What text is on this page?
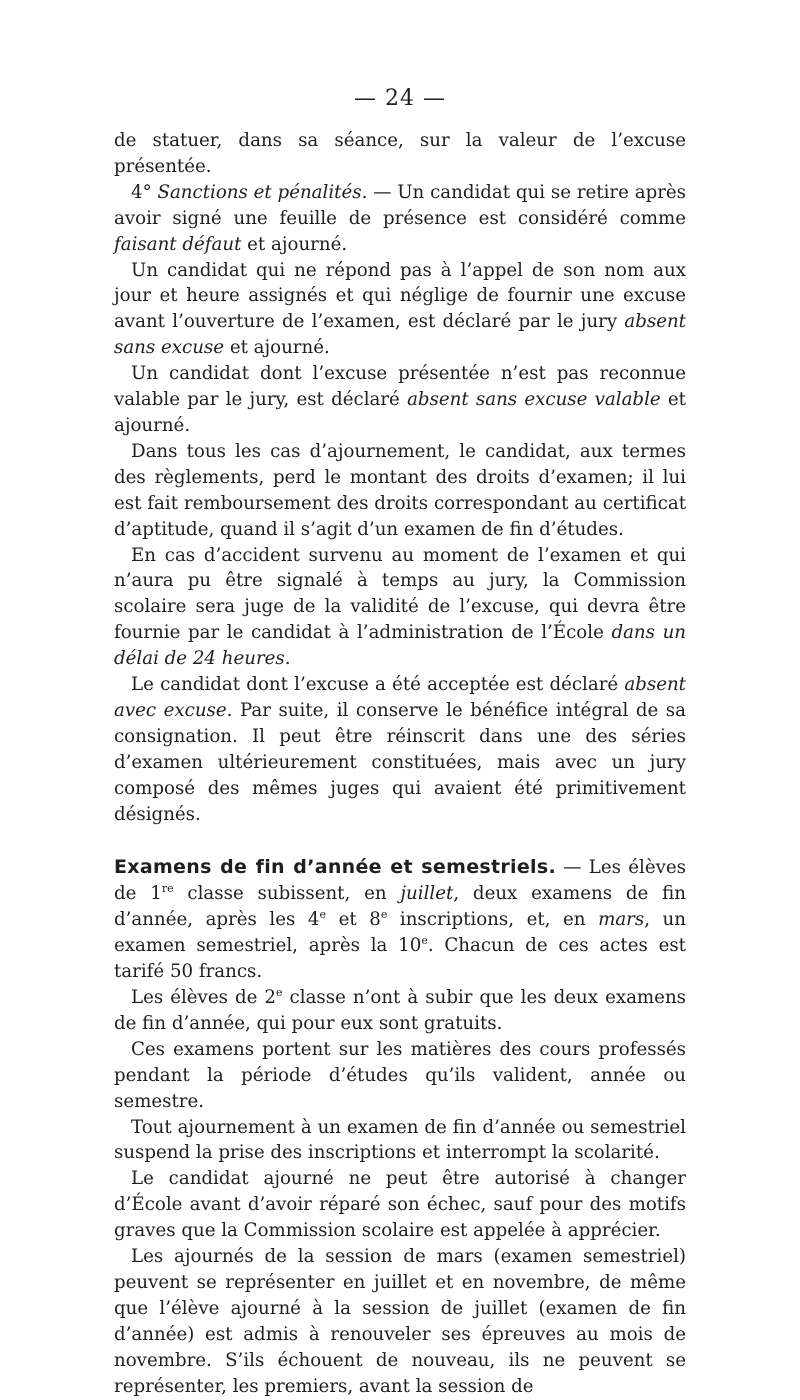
— 24 —

de statuer, dans sa séance, sur la valeur de l’excuse présentée.

4° Sanctions et pénalités. — Un candidat qui se retire après avoir signé une feuille de présence est considéré comme faisant défaut et ajourné.

Un candidat qui ne répond pas à l’appel de son nom aux jour et heure assignés et qui néglige de fournir une excuse avant l’ouverture de l’examen, est déclaré par le jury absent sans excuse et ajourné.

Un candidat dont l’excuse présentée n’est pas reconnue valable par le jury, est déclaré absent sans excuse valable et ajourné.

Dans tous les cas d’ajournement, le candidat, aux termes des règlements, perd le montant des droits d’examen; il lui est fait remboursement des droits correspondant au certificat d’aptitude, quand il s’agit d’un examen de fin d’études.

En cas d’accident survenu au moment de l’examen et qui n’aura pu être signalé à temps au jury, la Commission scolaire sera juge de la validité de l’excuse, qui devra être fournie par le candidat à l’administration de l’École dans un délai de 24 heures.

Le candidat dont l’excuse a été acceptée est déclaré absent avec excuse. Par suite, il conserve le bénéfice intégral de sa consignation. Il peut être réinscrit dans une des séries d’examen ultérieurement constituées, mais avec un jury composé des mêmes juges qui avaient été primitivement désignés.

Examens de fin d’année et semestriels. — Les élèves de 1re classe subissent, en juillet, deux examens de fin d’année, après les 4e et 8e inscriptions, et, en mars, un examen semestriel, après la 10e. Chacun de ces actes est tarifé 50 francs.

Les élèves de 2e classe n’ont à subir que les deux examens de fin d’année, qui pour eux sont gratuits.

Ces examens portent sur les matières des cours professés pendant la période d’études qu’ils valident, année ou semestre.

Tout ajournement à un examen de fin d’année ou semestriel suspend la prise des inscriptions et interrompt la scolarité.

Le candidat ajourné ne peut être autorisé à changer d’École avant d’avoir réparé son échec, sauf pour des motifs graves que la Commission scolaire est appelée à apprécier.

Les ajournés de la session de mars (examen semestriel) peuvent se représenter en juillet et en novembre, de même que l’élève ajourné à la session de juillet (examen de fin d’année) est admis à renouveler ses épreuves au mois de novembre. S’ils échouent de nouveau, ils ne peuvent se représenter, les premiers, avant la session de
